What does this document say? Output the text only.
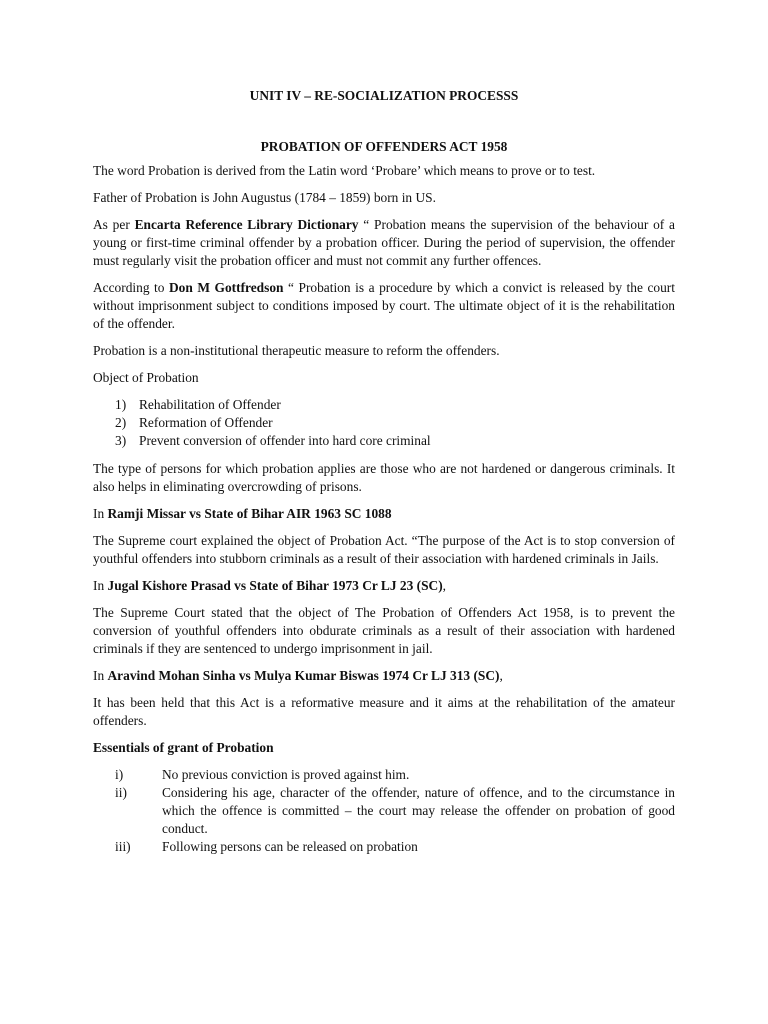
UNIT IV – RE-SOCIALIZATION PROCESSS

PROBATION OF OFFENDERS ACT 1958

The word Probation is derived from the Latin word ‘Probare’ which means to prove or to test.

Father of Probation is John Augustus (1784 – 1859) born in US.

As per Encarta Reference Library Dictionary “ Probation means the supervision of the behaviour of a young or first-time criminal offender by a probation officer. During the period of supervision, the offender must regularly visit the probation officer and must not commit any further offences.

According to Don M Gottfredson “ Probation is a procedure by which a convict is released by the court without imprisonment subject to conditions imposed by court. The ultimate object of it is the rehabilitation of the offender.

Probation is a non-institutional therapeutic measure to reform the offenders.

Object of Probation

1) Rehabilitation of Offender
2) Reformation of Offender
3) Prevent conversion of offender into hard core criminal

The type of persons for which probation applies are those who are not hardened or dangerous criminals. It also helps in eliminating overcrowding of prisons.

In Ramji Missar vs State of Bihar AIR 1963 SC 1088

The Supreme court explained the object of Probation Act. “The purpose of the Act is to stop conversion of youthful offenders into stubborn criminals as a result of their association with hardened criminals in Jails.

In Jugal Kishore Prasad vs State of Bihar 1973 Cr LJ 23 (SC),

The Supreme Court stated that the object of The Probation of Offenders Act 1958, is to prevent the conversion of youthful offenders into obdurate criminals as a result of their association with hardened criminals if they are sentenced to undergo imprisonment in jail.

In Aravind Mohan Sinha vs Mulya Kumar Biswas 1974 Cr LJ 313 (SC),

It has been held that this Act is a reformative measure and it aims at the rehabilitation of the amateur offenders.

Essentials of grant of Probation

i)	No previous conviction is proved against him.
ii)	Considering his age, character of the offender, nature of offence, and to the circumstance in which the offence is committed – the court may release the offender on probation of good conduct.
iii) Following persons can be released on probation
